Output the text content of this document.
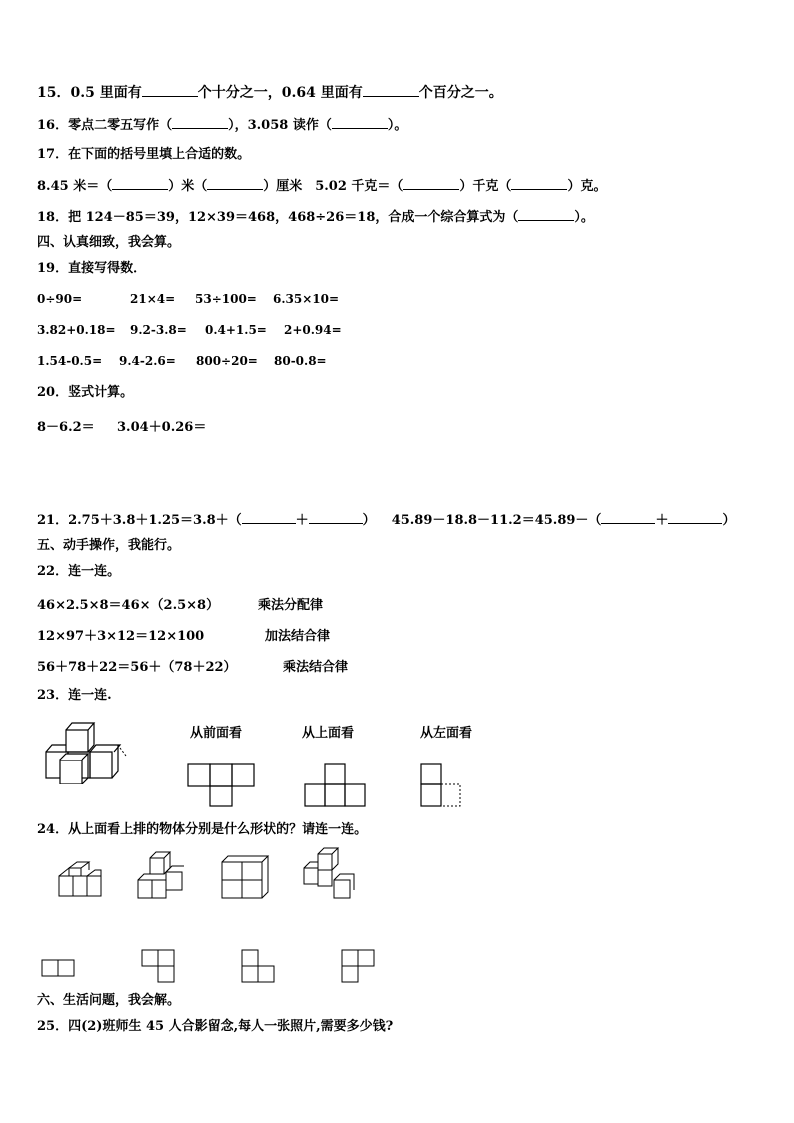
15．0.5 里面有	个十分之一，0.64 里面有	个百分之一。
16．零点二零五写作（	），3.058 读作（	）。
17．在下面的括号里填上合适的数。
8.45 米＝（	）米（	）厘米　5.02 千克＝（	）千克（	）克。
18．把 124－85＝39，12×39＝468，468÷26＝18，合成一个综合算式为（	）。
四、认真细致，我会算。
19．直接写得数．
0÷90=	21×4= 53÷100= 6.35×10=
3.82+0.18= 9.2-3.8= 0.4+1.5= 2+0.94=
1.54-0.5= 9.4-2.6= 800÷20= 80-0.8=
20．竖式计算。
8－6.2＝ 3.04＋0.26＝
21．2.75＋3.8＋1.25＝3.8＋（	＋	） 45.89－18.8－11.2＝45.89－（	＋	）
五、动手操作，我能行。
22．连一连。
46×2.5×8＝46×（2.5×8）
12×97＋3×12＝12×100
56＋78＋22＝56＋（78＋22）
乘法分配律
加法结合律
乘法结合律
23．连一连.
从前面看	从上面看	从左面看
24．从上面看上排的物体分别是什么形状的？请连一连。
六、生活问题，我会解。
25．四(2)班师生 45 人合影留念,每人一张照片,需要多少钱?
